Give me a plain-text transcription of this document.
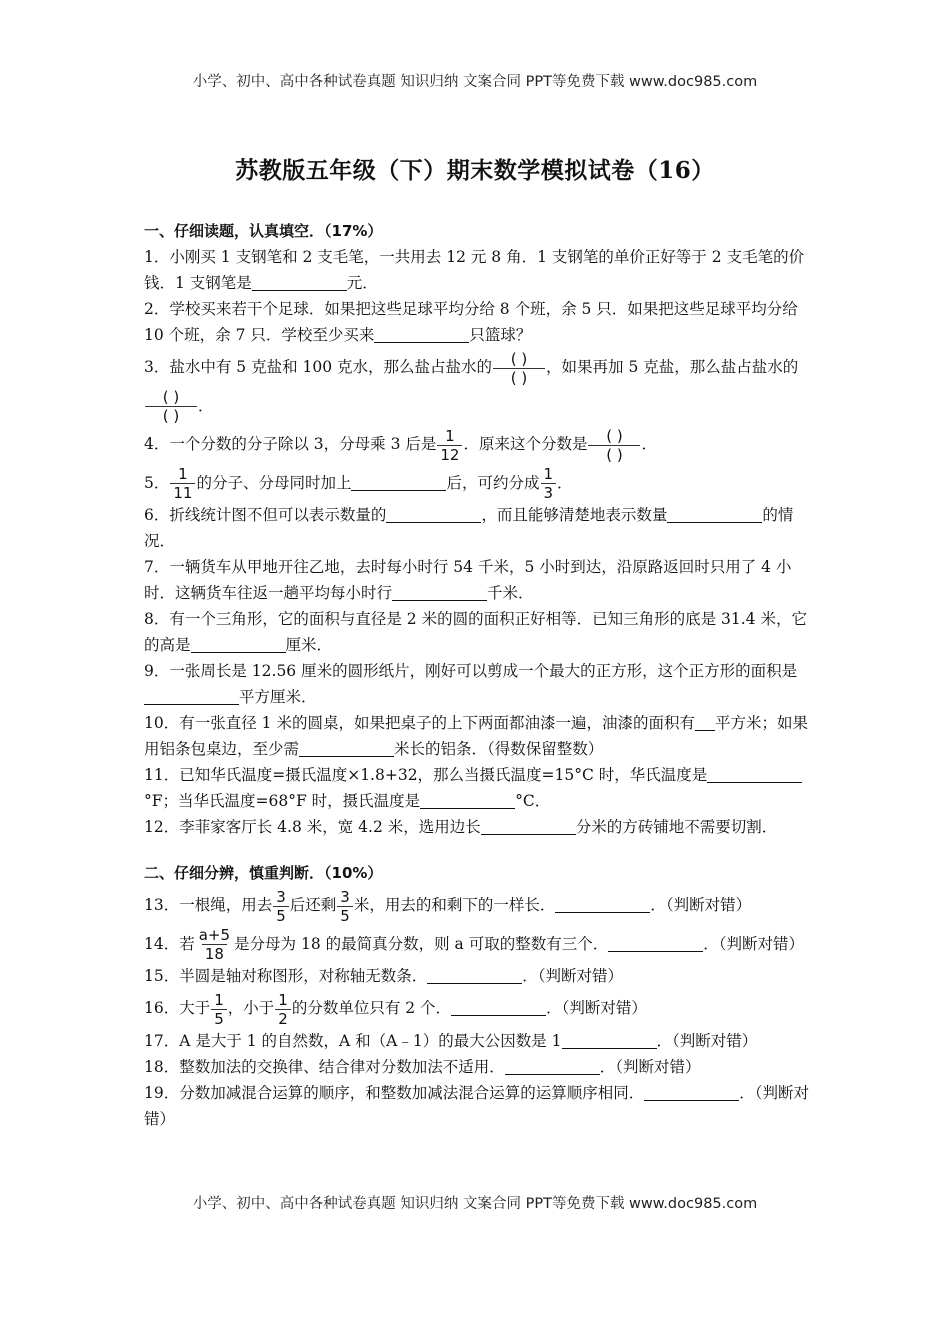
小学、初中、高中各种试卷真题 知识归纳 文案合同 PPT等免费下载 www.doc985.com
苏教版五年级（下）期末数学模拟试卷（16）

一、仔细读题，认真填空．（17%）

1．小刚买 1 支钢笔和 2 支毛笔，一共用去 12 元 8 角．1 支钢笔的单价正好等于 2 支毛笔的价钱．1 支钢笔是	元．

2．学校买来若干个足球．如果把这些足球平均分给 8 个班，余 5 只．如果把这些足球平均分给 10 个班，余 7 只．学校至少买来	只篮球？

3．盐水中有 5 克盐和 100 克水，那么盐占盐水的 $\frac{( )}{( )}$ ，如果再加 5 克盐，那么盐占盐水的

$\frac{( )}{( )}$ ．

4．一个分数的分子除以 3，分母乘 3 后是 $\frac{1}{12}$ ．原来这个分数是 $\frac{( )}{( )}$ ．

5． $\frac{1}{11}$ 的分子、分母同时加上	后，可约分成 $\frac{1}{3}$ ．

6．折线统计图不但可以表示数量的	，而且能够清楚地表示数量	的情况．

7．一辆货车从甲地开往乙地，去时每小时行 54 千米，5 小时到达，沿原路返回时只用了 4 小时．这辆货车往返一趟平均每小时行	千米．

8．有一个三角形，它的面积与直径是 2 米的圆的面积正好相等．已知三角形的底是 31.4 米，它的高是	厘米．

9．一张周长是 12.56 厘米的圆形纸片，刚好可以剪成一个最大的正方形，这个正方形的面积是平方厘米．

10．有一张直径 1 米的圆桌，如果把桌子的上下两面都油漆一遍，油漆的面积有 平方米；如果用铝条包桌边，至少需	米长的铝条．（得数保留整数）

11．已知华氏温度=摄氏温度×1.8+32，那么当摄氏温度=15°C 时，华氏温度是°F；当华氏温度=68°F 时，摄氏温度是	°C．

12．李菲家客厅长 4.8 米，宽 4.2 米，选用边长	分米的方砖铺地不需要切割．

二、仔细分辨，慎重判断．（10%）

13．一根绳，用去 $\frac{3}{5}$ 后还剩 $\frac{3}{5}$ 米，用去的和剩下的一样长．	．（判断对错）

14．若 $\frac{a+5}{18}$ 是分母为 18 的最简真分数，则 a 可取的整数有三个．	．（判断对错）

15．半圆是轴对称图形，对称轴无数条．	．（判断对错）

16．大于 $\frac{1}{5}$ ，小于 $\frac{1}{2}$ 的分数单位只有 2 个．	．（判断对错）

17．A 是大于 1 的自然数，A 和（A﹣1）的最大公因数是 1	．（判断对错）

18．整数加法的交换律、结合律对分数加法不适用．	．（判断对错）

19．分数加减混合运算的顺序，和整数加减法混合运算的运算顺序相同．	．（判断对错）

小学、初中、高中各种试卷真题 知识归纳 文案合同 PPT等免费下载 www.doc985.com
